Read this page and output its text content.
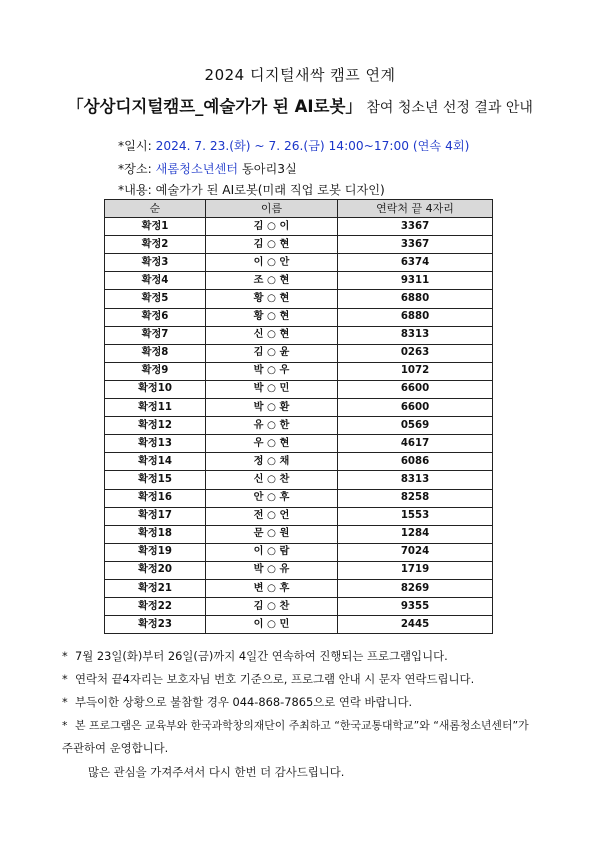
2024 디지털새싹 캠프 연계
「상상디지털캠프_예술가가 된 AI로봇」 참여 청소년 선정 결과 안내
*일시: 2024. 7. 23.(화) ~ 7. 26.(금) 14:00~17:00 (연속 4회)
*장소: 새롬청소년센터 동아리3실
*내용: 예술가가 된 AI로봇(미래 직업 로봇 디자인)
순	이름	연락처 끝 4자리
확정1	김 ○ 이	3367
확정2	김 ○ 현	3367
확정3	이 ○ 안	6374
확정4	조 ○ 현	9311
확정5	황 ○ 현	6880
확정6	황 ○ 현	6880
확정7	신 ○ 현	8313
확정8	김 ○ 윤	0263
확정9	박 ○ 우	1072
확정10	박 ○ 민	6600
확정11	박 ○ 환	6600
확정12	유 ○ 한	0569
확정13	우 ○ 현	4617
확정14	정 ○ 채	6086
확정15	신 ○ 찬	8313
확정16	안 ○ 후	8258
확정17	전 ○ 언	1553
확정18	문 ○ 원	1284
확정19	이 ○ 람	7024
확정20	박 ○ 유	1719
확정21	변 ○ 후	8269
확정22	김 ○ 찬	9355
확정23	이 ○ 민	2445
* 7월 23일(화)부터 26일(금)까지 4일간 연속하여 진행되는 프로그램입니다.
* 연락처 끝4자리는 보호자님 번호 기준으로, 프로그램 안내 시 문자 연락드립니다.
* 부득이한 상황으로 불참할 경우 044-868-7865으로 연락 바랍니다.
* 본 프로그램은 교육부와 한국과학창의재단이 주최하고 “한국교통대학교”와 “새롬청소년센터”가
주관하여 운영합니다.
많은 관심을 가져주셔서 다시 한번 더 감사드립니다.
